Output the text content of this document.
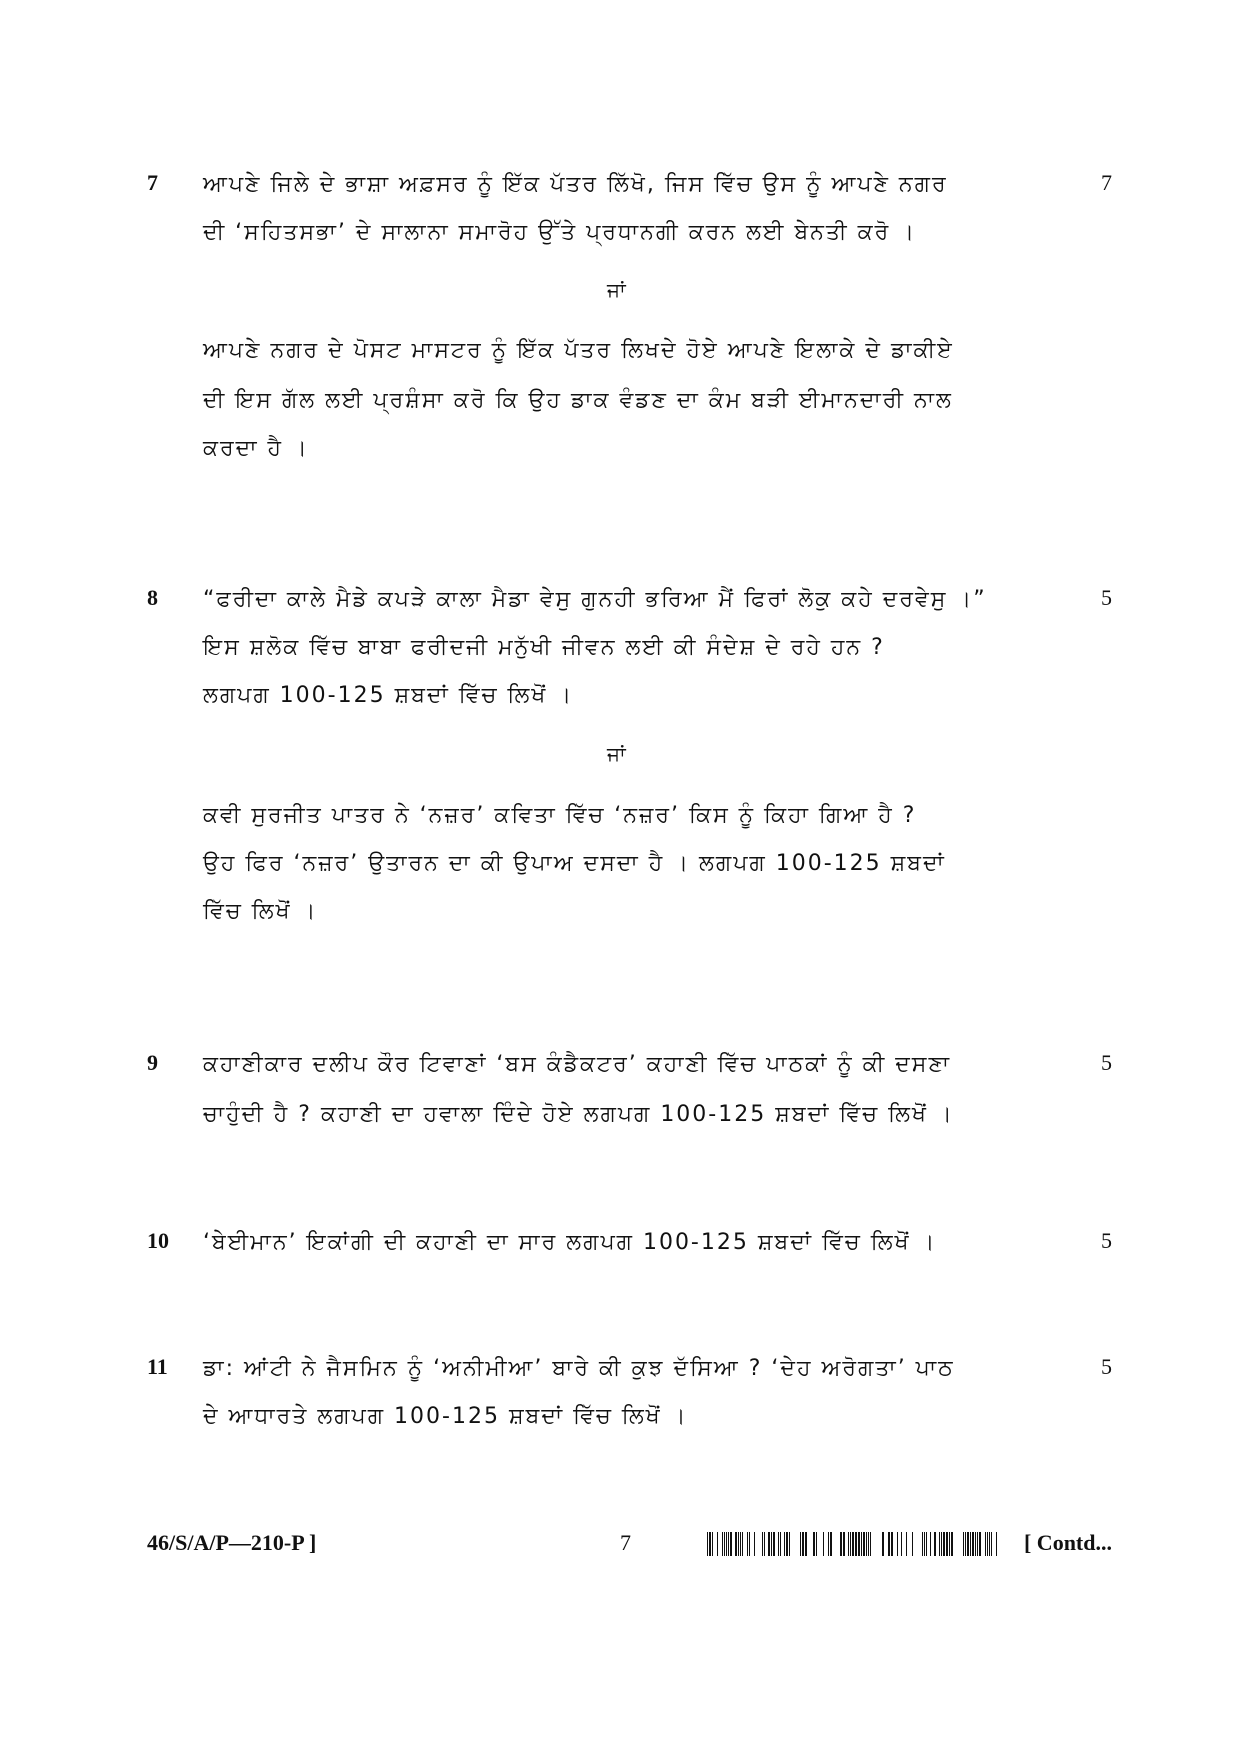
7	7
ਆਪਣੇ ਜਿਲੇ ਦੇ ਭਾਸ਼ਾ ਅਫ਼ਸਰ ਨੂੰ ਇੱਕ ਪੱਤਰ ਲਿੱਖੋ, ਜਿਸ ਵਿੱਚ ਉਸ ਨੂੰ ਆਪਣੇ ਨਗਰ
ਦੀ ‘ਸਹਿਤਸਭਾ’ ਦੇ ਸਾਲਾਨਾ ਸਮਾਰੋਹ ਉੱਤੇ ਪ੍ਰਧਾਨਗੀ ਕਰਨ ਲਈ ਬੇਨਤੀ ਕਰੋ ।
ਜਾਂ
ਆਪਣੇ ਨਗਰ ਦੇ ਪੋਸਟ ਮਾਸਟਰ ਨੂੰ ਇੱਕ ਪੱਤਰ ਲਿਖਦੇ ਹੋਏ ਆਪਣੇ ਇਲਾਕੇ ਦੇ ਡਾਕੀਏ
ਦੀ ਇਸ ਗੱਲ ਲਈ ਪ੍ਰਸ਼ੰਸਾ ਕਰੋ ਕਿ ਉਹ ਡਾਕ ਵੰਡਣ ਦਾ ਕੰਮ ਬੜੀ ਈਮਾਨਦਾਰੀ ਨਾਲ
ਕਰਦਾ ਹੈ ।
8	5
“ਫਰੀਦਾ ਕਾਲੇ ਮੈਡੇ ਕਪੜੇ ਕਾਲਾ ਮੈਡਾ ਵੇਸੁ ਗੁਨਹੀ ਭਰਿਆ ਮੈਂ ਫਿਰਾਂ ਲੋਕੁ ਕਹੇ ਦਰਵੇਸੁ ।”
ਇਸ ਸ਼ਲੋਕ ਵਿੱਚ ਬਾਬਾ ਫਰੀਦਜੀ ਮਨੁੱਖੀ ਜੀਵਨ ਲਈ ਕੀ ਸੰਦੇਸ਼ ਦੇ ਰਹੇ ਹਨ ?
ਲਗਪਗ 100-125 ਸ਼ਬਦਾਂ ਵਿੱਚ ਲਿਖੋਂ ।
ਜਾਂ
ਕਵੀ ਸੁਰਜੀਤ ਪਾਤਰ ਨੇ ‘ਨਜ਼ਰ’ ਕਵਿਤਾ ਵਿੱਚ ‘ਨਜ਼ਰ’ ਕਿਸ ਨੂੰ ਕਿਹਾ ਗਿਆ ਹੈ ?
ਉਹ ਫਿਰ ‘ਨਜ਼ਰ’ ਉਤਾਰਨ ਦਾ ਕੀ ਉਪਾਅ ਦਸਦਾ ਹੈ । ਲਗਪਗ 100-125 ਸ਼ਬਦਾਂ
ਵਿੱਚ ਲਿਖੋਂ ।
9	5
ਕਹਾਣੀਕਾਰ ਦਲੀਪ ਕੌਰ ਟਿਵਾਣਾਂ ‘ਬਸ ਕੰਡੈਕਟਰ’ ਕਹਾਣੀ ਵਿੱਚ ਪਾਠਕਾਂ ਨੂੰ ਕੀ ਦਸਣਾ
ਚਾਹੁੰਦੀ ਹੈ ? ਕਹਾਣੀ ਦਾ ਹਵਾਲਾ ਦਿੰਦੇ ਹੋਏ ਲਗਪਗ 100-125 ਸ਼ਬਦਾਂ ਵਿੱਚ ਲਿਖੋਂ ।
10	5
‘ਬੇਈਮਾਨ’ ਇਕਾਂਗੀ ਦੀ ਕਹਾਣੀ ਦਾ ਸਾਰ ਲਗਪਗ 100-125 ਸ਼ਬਦਾਂ ਵਿੱਚ ਲਿਖੋਂ ।
11	5
ਡਾ: ਆਂਟੀ ਨੇ ਜੈਸਮਿਨ ਨੂੰ ‘ਅਨੀਮੀਆ’ ਬਾਰੇ ਕੀ ਕੁਝ ਦੱਸਿਆ ? ‘ਦੇਹ ਅਰੋਗਤਾ’ ਪਾਠ
ਦੇ ਆਧਾਰਤੇ ਲਗਪਗ 100-125 ਸ਼ਬਦਾਂ ਵਿੱਚ ਲਿਖੋਂ ।
46/S/A/P—210-P ]	7	[ Contd...
